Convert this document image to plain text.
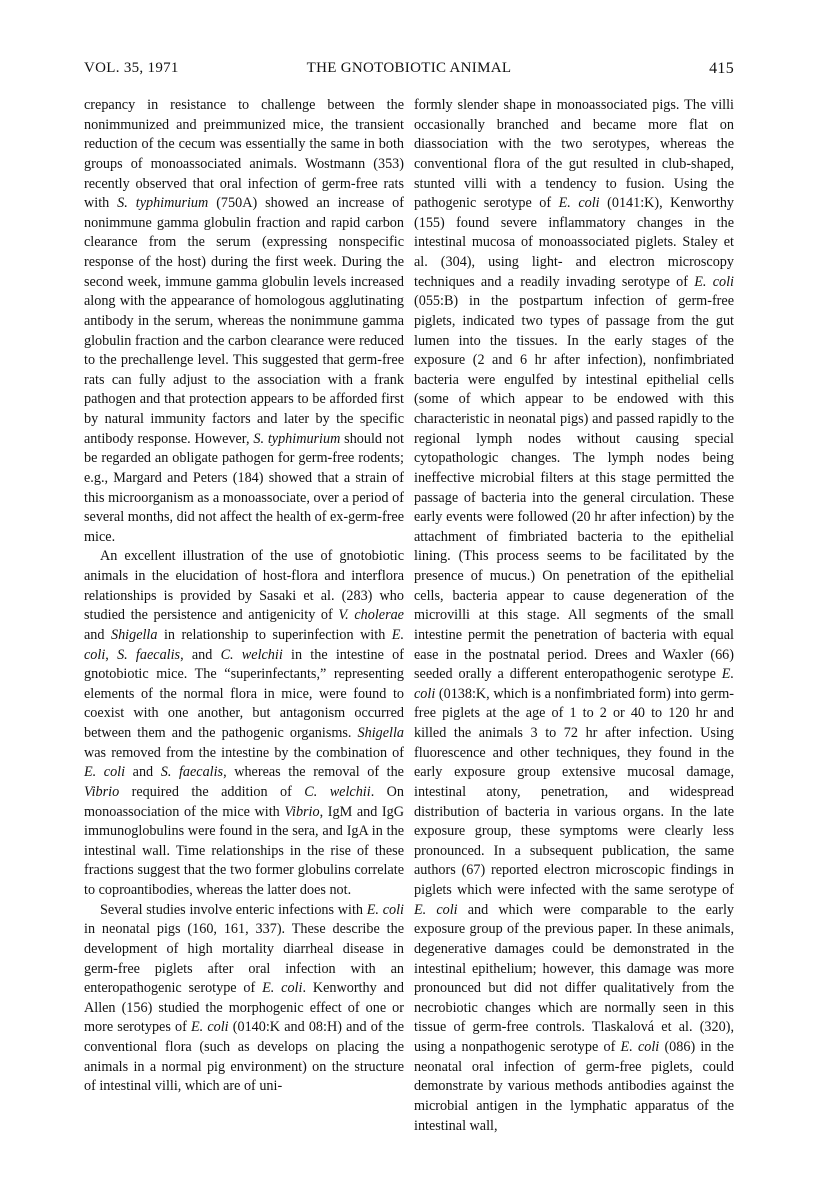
VOL. 35, 1971	THE GNOTOBIOTIC ANIMAL	415

crepancy in resistance to challenge between the nonimmunized and preimmunized mice, the transient reduction of the cecum was essentially the same in both groups of monoassociated animals. Wostmann (353) recently observed that oral infection of germ-free rats with S. typhimurium (750A) showed an increase of nonimmune gamma globulin fraction and rapid carbon clearance from the serum (expressing nonspecific response of the host) during the first week. During the second week, immune gamma globulin levels increased along with the appearance of homologous agglutinating antibody in the serum, whereas the nonimmune gamma globulin fraction and the carbon clearance were reduced to the prechallenge level. This suggested that germ-free rats can fully adjust to the association with a frank pathogen and that protection appears to be afforded first by natural immunity factors and later by the specific antibody response. However, S. typhimurium should not be regarded an obligate pathogen for germ-free rodents; e.g., Margard and Peters (184) showed that a strain of this microorganism as a monoassociate, over a period of several months, did not affect the health of ex-germ-free mice.

An excellent illustration of the use of gnotobiotic animals in the elucidation of host-flora and interflora relationships is provided by Sasaki et al. (283) who studied the persistence and antigenicity of V. cholerae and Shigella in relationship to superinfection with E. coli, S. faecalis, and C. welchii in the intestine of gnotobiotic mice. The “superinfectants,” representing elements of the normal flora in mice, were found to coexist with one another, but antagonism occurred between them and the pathogenic organisms. Shigella was removed from the intestine by the combination of E. coli and S. faecalis, whereas the removal of the Vibrio required the addition of C. welchii. On monoassociation of the mice with Vibrio, IgM and IgG immunoglobulins were found in the sera, and IgA in the intestinal wall. Time relationships in the rise of these fractions suggest that the two former globulins correlate to coproantibodies, whereas the latter does not.

Several studies involve enteric infections with E. coli in neonatal pigs (160, 161, 337). These describe the development of high mortality diarrheal disease in germ-free piglets after oral infection with an enteropathogenic serotype of E. coli. Kenworthy and Allen (156) studied the morphogenic effect of one or more serotypes of E. coli (0140:K and 08:H) and of the conventional flora (such as develops on placing the animals in a normal pig environment) on the structure of intestinal villi, which are of uni-

formly slender shape in monoassociated pigs. The villi occasionally branched and became more flat on diassociation with the two serotypes, whereas the conventional flora of the gut resulted in club-shaped, stunted villi with a tendency to fusion. Using the pathogenic serotype of E. coli (0141:K), Kenworthy (155) found severe inflammatory changes in the intestinal mucosa of monoassociated piglets. Staley et al. (304), using light- and electron microscopy techniques and a readily invading serotype of E. coli (055:B) in the postpartum infection of germ-free piglets, indicated two types of passage from the gut lumen into the tissues. In the early stages of the exposure (2 and 6 hr after infection), nonfimbriated bacteria were engulfed by intestinal epithelial cells (some of which appear to be endowed with this characteristic in neonatal pigs) and passed rapidly to the regional lymph nodes without causing special cytopathologic changes. The lymph nodes being ineffective microbial filters at this stage permitted the passage of bacteria into the general circulation. These early events were followed (20 hr after infection) by the attachment of fimbriated bacteria to the epithelial lining. (This process seems to be facilitated by the presence of mucus.) On penetration of the epithelial cells, bacteria appear to cause degeneration of the microvilli at this stage. All segments of the small intestine permit the penetration of bacteria with equal ease in the postnatal period. Drees and Waxler (66) seeded orally a different enteropathogenic serotype E. coli (0138:K, which is a nonfimbriated form) into germ-free piglets at the age of 1 to 2 or 40 to 120 hr and killed the animals 3 to 72 hr after infection. Using fluorescence and other techniques, they found in the early exposure group extensive mucosal damage, intestinal atony, penetration, and widespread distribution of bacteria in various organs. In the late exposure group, these symptoms were clearly less pronounced. In a subsequent publication, the same authors (67) reported electron microscopic findings in piglets which were infected with the same serotype of E. coli and which were comparable to the early exposure group of the previous paper. In these animals, degenerative damages could be demonstrated in the intestinal epithelium; however, this damage was more pronounced but did not differ qualitatively from the necrobiotic changes which are normally seen in this tissue of germ-free controls. Tlaskalová et al. (320), using a nonpathogenic serotype of E. coli (086) in the neonatal oral infection of germ-free piglets, could demonstrate by various methods antibodies against the microbial antigen in the lymphatic apparatus of the intestinal wall,
